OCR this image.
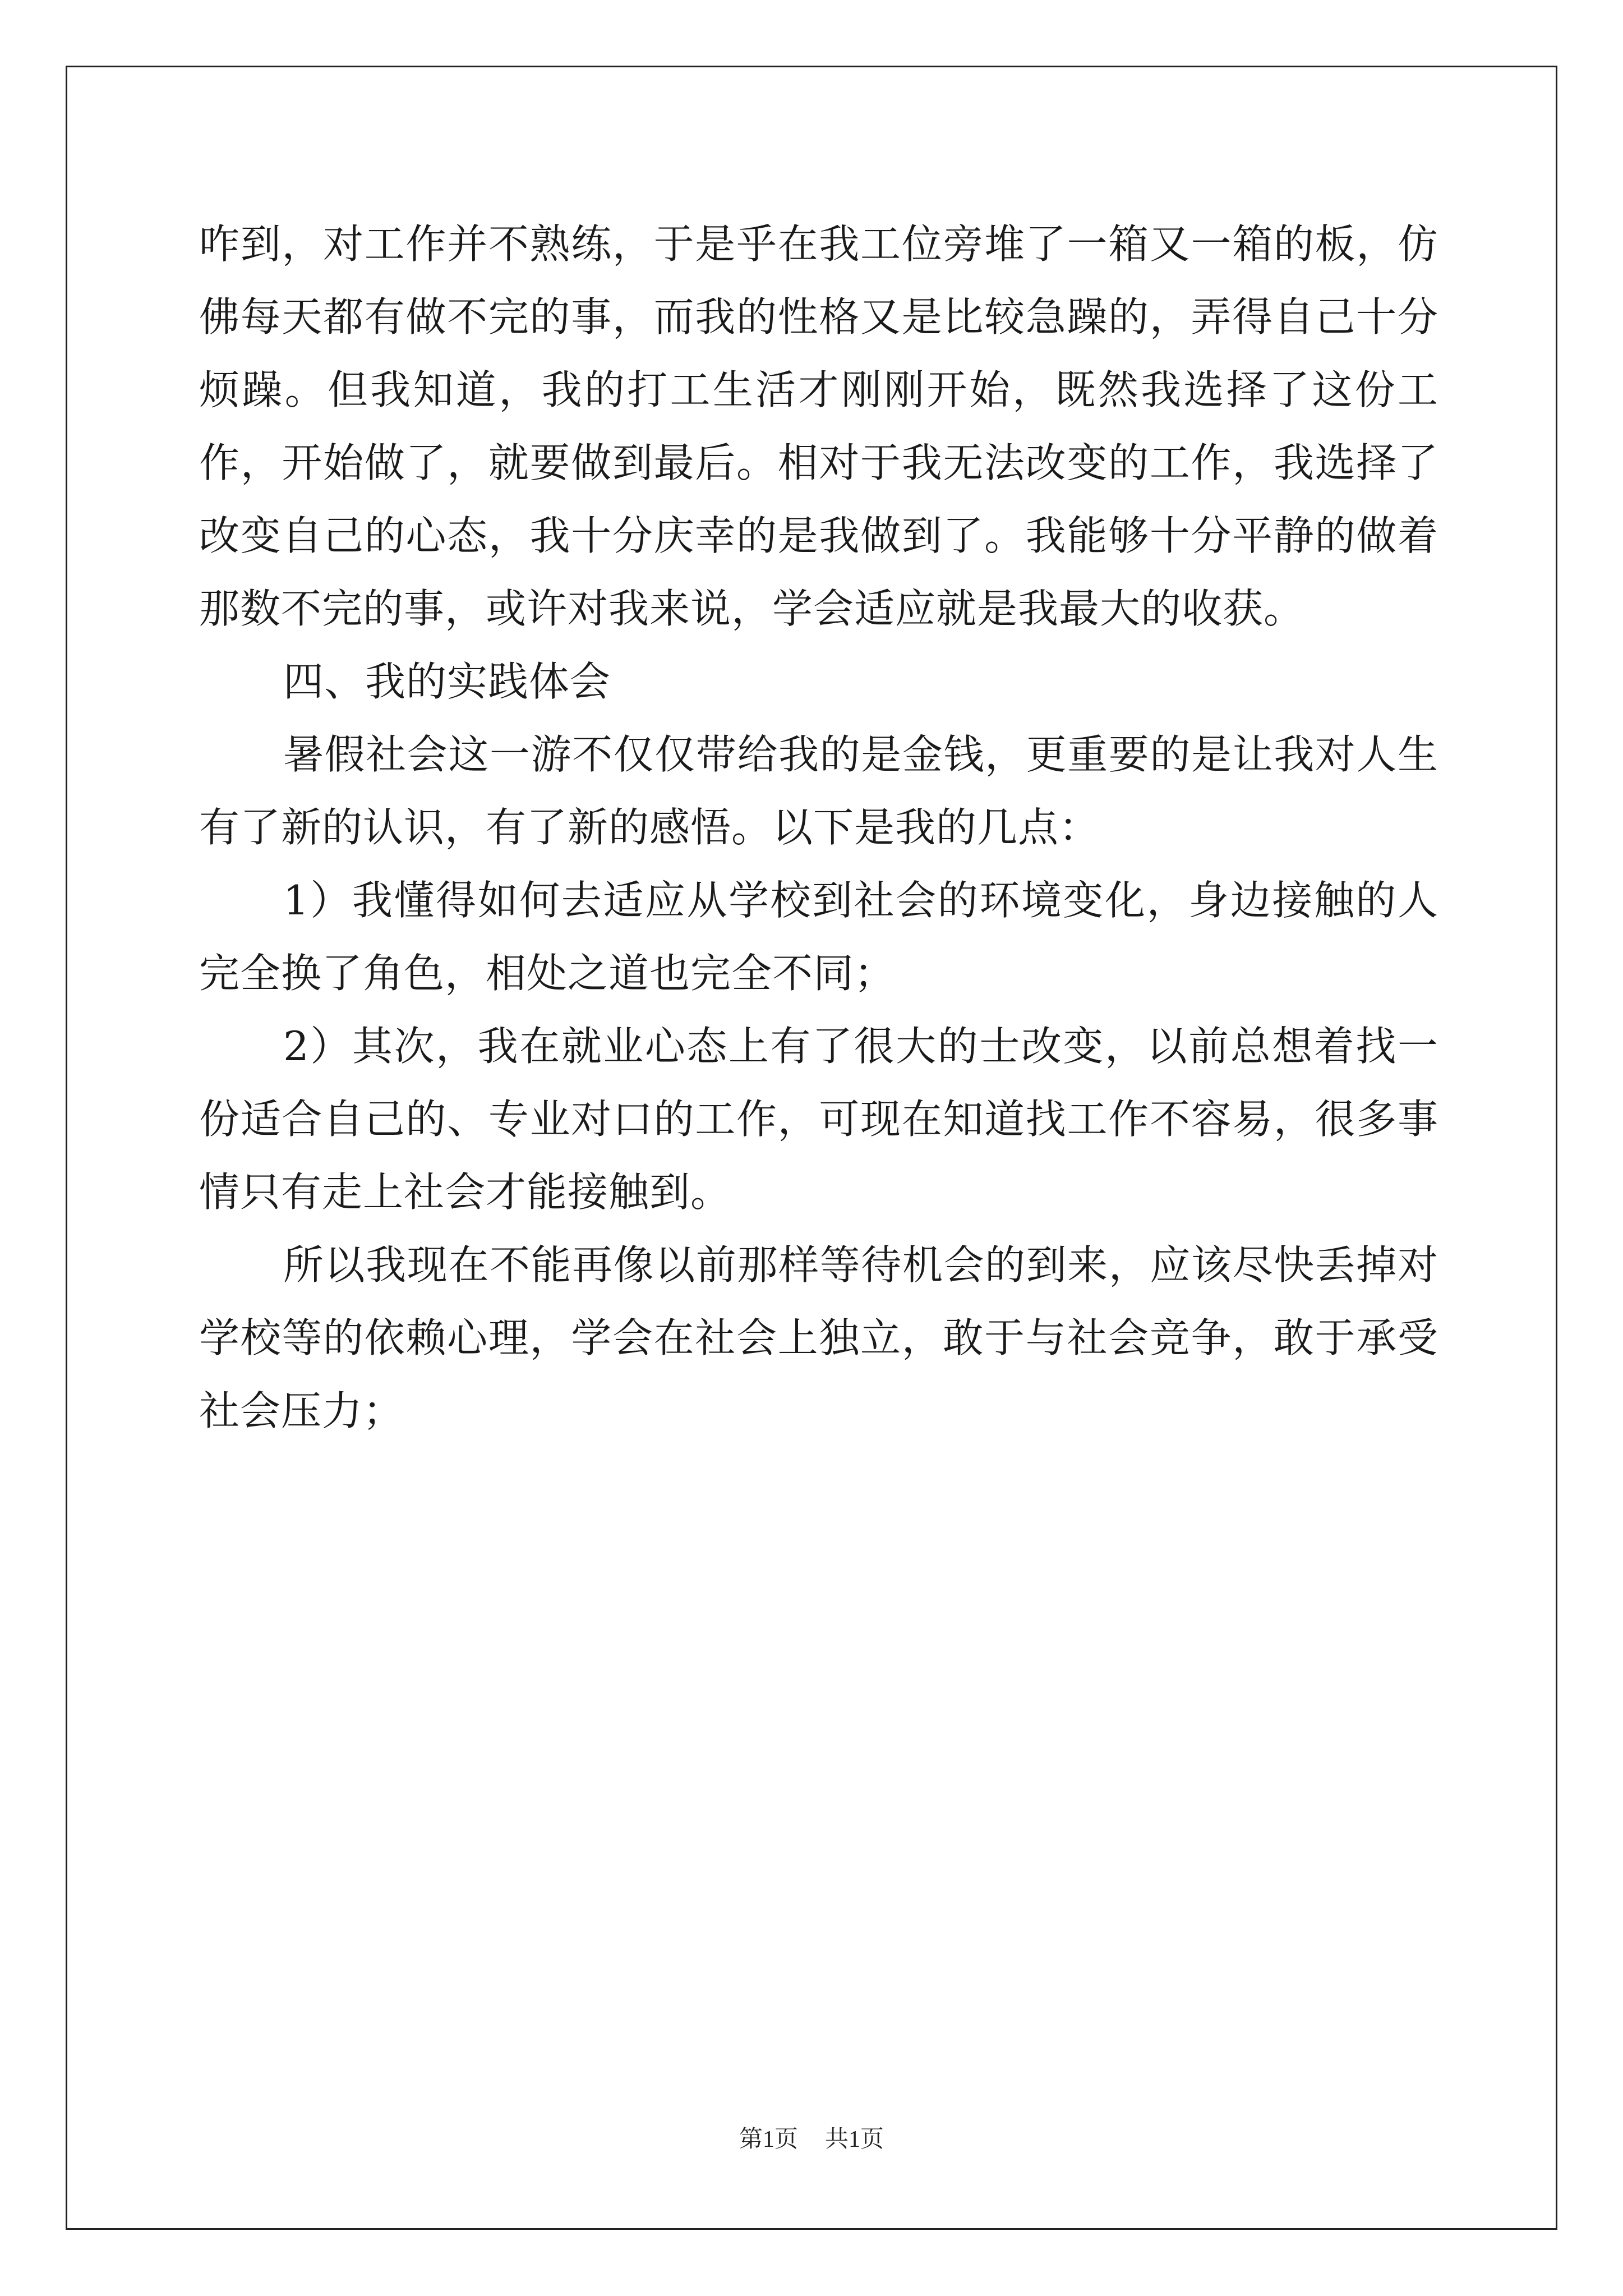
咋到，对工作并不熟练，于是乎在我工位旁堆了一箱又一箱的板，仿佛每天都有做不完的事，而我的性格又是比较急躁的，弄得自己十分烦躁。但我知道，我的打工生活才刚刚开始，既然我选择了这份工作，开始做了，就要做到最后。相对于我无法改变的工作，我选择了改变自己的心态，我十分庆幸的是我做到了。我能够十分平静的做着那数不完的事，或许对我来说，学会适应就是我最大的收获。

四、我的实践体会

暑假社会这一游不仅仅带给我的是金钱，更重要的是让我对人生有了新的认识，有了新的感悟。以下是我的几点：

1）我懂得如何去适应从学校到社会的环境变化，身边接触的人完全换了角色，相处之道也完全不同；

2）其次，我在就业心态上有了很大的士改变，以前总想着找一份适合自己的、专业对口的工作，可现在知道找工作不容易，很多事情只有走上社会才能接触到。

所以我现在不能再像以前那样等待机会的到来，应该尽快丢掉对学校等的依赖心理，学会在社会上独立，敢于与社会竞争，敢于承受社会压力；

第1页 共1页
